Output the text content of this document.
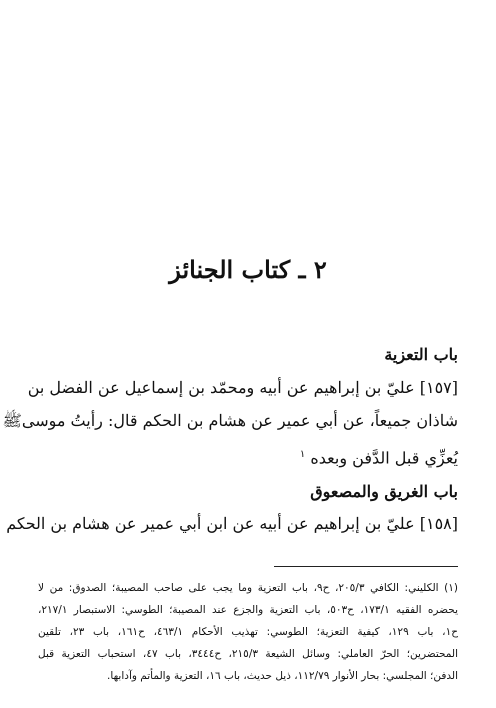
٢ ـ كتاب الجنائز
باب التعزية
[١٥٧] عليّ بن إبراهيم عن أبيه ومحمّد بن إسماعيل عن الفضل بن
شاذان جميعاً، عن أبي عمير عن هشام بن الحكم قال: رأيتُ موسىﷺ
يُعزِّي قبل الدَّفن وبعده $^١$
باب الغريق والمصعوق
[١٥٨] عليّ بن إبراهيم عن أبيه عن ابن أبي عمير عن هشام بن الحكم
(١) الكليني: الكافي ٢٠٥/٣، ح٩، باب التعزية وما يجب على صاحب المصيبة؛ الصدوق: من لا
يحضره الفقيه ١٧٣/١، ح٥٠٣، باب التعزية والجزع عند المصيبة؛ الطوسي: الاستبصار ٢١٧/١،
ح١، باب ١٢٩، كيفية التعزية؛ الطوسي: تهذيب الأحكام ٤٦٣/١، ح١٦١، باب ٢٣، تلقين
المحتضرين؛ الحرّ العاملي: وسائل الشيعة ٢١٥/٣، ح٣٤٤٤، باب ٤٧، استحباب التعزية قبل
الدفن؛ المجلسي: بحار الأنوار ١١٢/٧٩، ذيل حديث، باب ١٦، التعزية والمأتم وآدابها.
